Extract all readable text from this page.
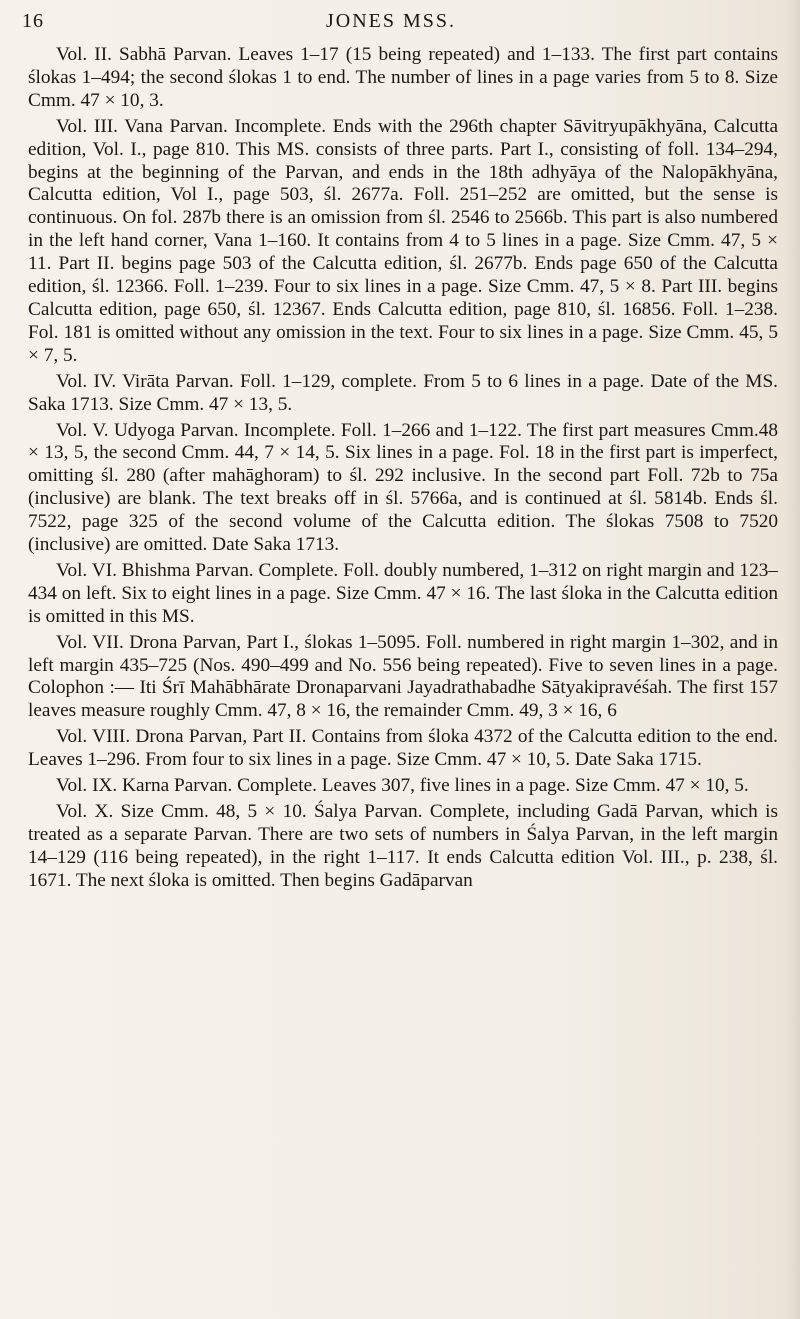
16	JONES MSS.

Vol. II. Sabhā Parvan. Leaves 1–17 (15 being repeated) and 1–133. The first part contains ślokas 1–494; the second ślokas 1 to end. The number of lines in a page varies from 5 to 8. Size Cmm. 47 × 10, 3.

Vol. III. Vana Parvan. Incomplete. Ends with the 296th chapter Sāvitryupākhyāna, Calcutta edition, Vol. I., page 810. This MS. consists of three parts. Part I., consisting of foll. 134–294, begins at the beginning of the Parvan, and ends in the 18th adhyāya of the Nalopākhyāna, Calcutta edition, Vol I., page 503, śl. 2677a. Foll. 251–252 are omitted, but the sense is continuous. On fol. 287b there is an omission from śl. 2546 to 2566b. This part is also numbered in the left hand corner, Vana 1–160. It contains from 4 to 5 lines in a page. Size Cmm. 47, 5 × 11. Part II. begins page 503 of the Calcutta edition, śl. 2677b. Ends page 650 of the Calcutta edition, śl. 12366. Foll. 1–239. Four to six lines in a page. Size Cmm. 47, 5 × 8. Part III. begins Calcutta edition, page 650, śl. 12367. Ends Calcutta edition, page 810, śl. 16856. Foll. 1–238. Fol. 181 is omitted without any omission in the text. Four to six lines in a page. Size Cmm. 45, 5 × 7, 5.

Vol. IV. Virāta Parvan. Foll. 1–129, complete. From 5 to 6 lines in a page. Date of the MS. Saka 1713. Size Cmm. 47 × 13, 5.

Vol. V. Udyoga Parvan. Incomplete. Foll. 1–266 and 1–122. The first part measures Cmm.48 × 13, 5, the second Cmm. 44, 7 × 14, 5. Six lines in a page. Fol. 18 in the first part is imperfect, omitting śl. 280 (after mahāghoram) to śl. 292 inclusive. In the second part Foll. 72b to 75a (inclusive) are blank. The text breaks off in śl. 5766a, and is continued at śl. 5814b. Ends śl. 7522, page 325 of the second volume of the Calcutta edition. The ślokas 7508 to 7520 (inclusive) are omitted. Date Saka 1713.

Vol. VI. Bhishma Parvan. Complete. Foll. doubly numbered, 1–312 on right margin and 123–434 on left. Six to eight lines in a page. Size Cmm. 47 × 16. The last śloka in the Calcutta edition is omitted in this MS.

Vol. VII. Drona Parvan, Part I., ślokas 1–5095. Foll. numbered in right margin 1–302, and in left margin 435–725 (Nos. 490–499 and No. 556 being repeated). Five to seven lines in a page. Colophon :— Iti Śrī Mahābhārate Dronaparvani Jayadrathabadhe Sātyakipravéśah. The first 157 leaves measure roughly Cmm. 47, 8 × 16, the remainder Cmm. 49, 3 × 16, 6

Vol. VIII. Drona Parvan, Part II. Contains from śloka 4372 of the Calcutta edition to the end. Leaves 1–296. From four to six lines in a page. Size Cmm. 47 × 10, 5. Date Saka 1715.

Vol. IX. Karna Parvan. Complete. Leaves 307, five lines in a page. Size Cmm. 47 × 10, 5.

Vol. X. Size Cmm. 48, 5 × 10. Śalya Parvan. Complete, including Gadā Parvan, which is treated as a separate Parvan. There are two sets of numbers in Śalya Parvan, in the left margin 14–129 (116 being repeated), in the right 1–117. It ends Calcutta edition Vol. III., p. 238, śl. 1671. The next śloka is omitted. Then begins Gadāparvan
